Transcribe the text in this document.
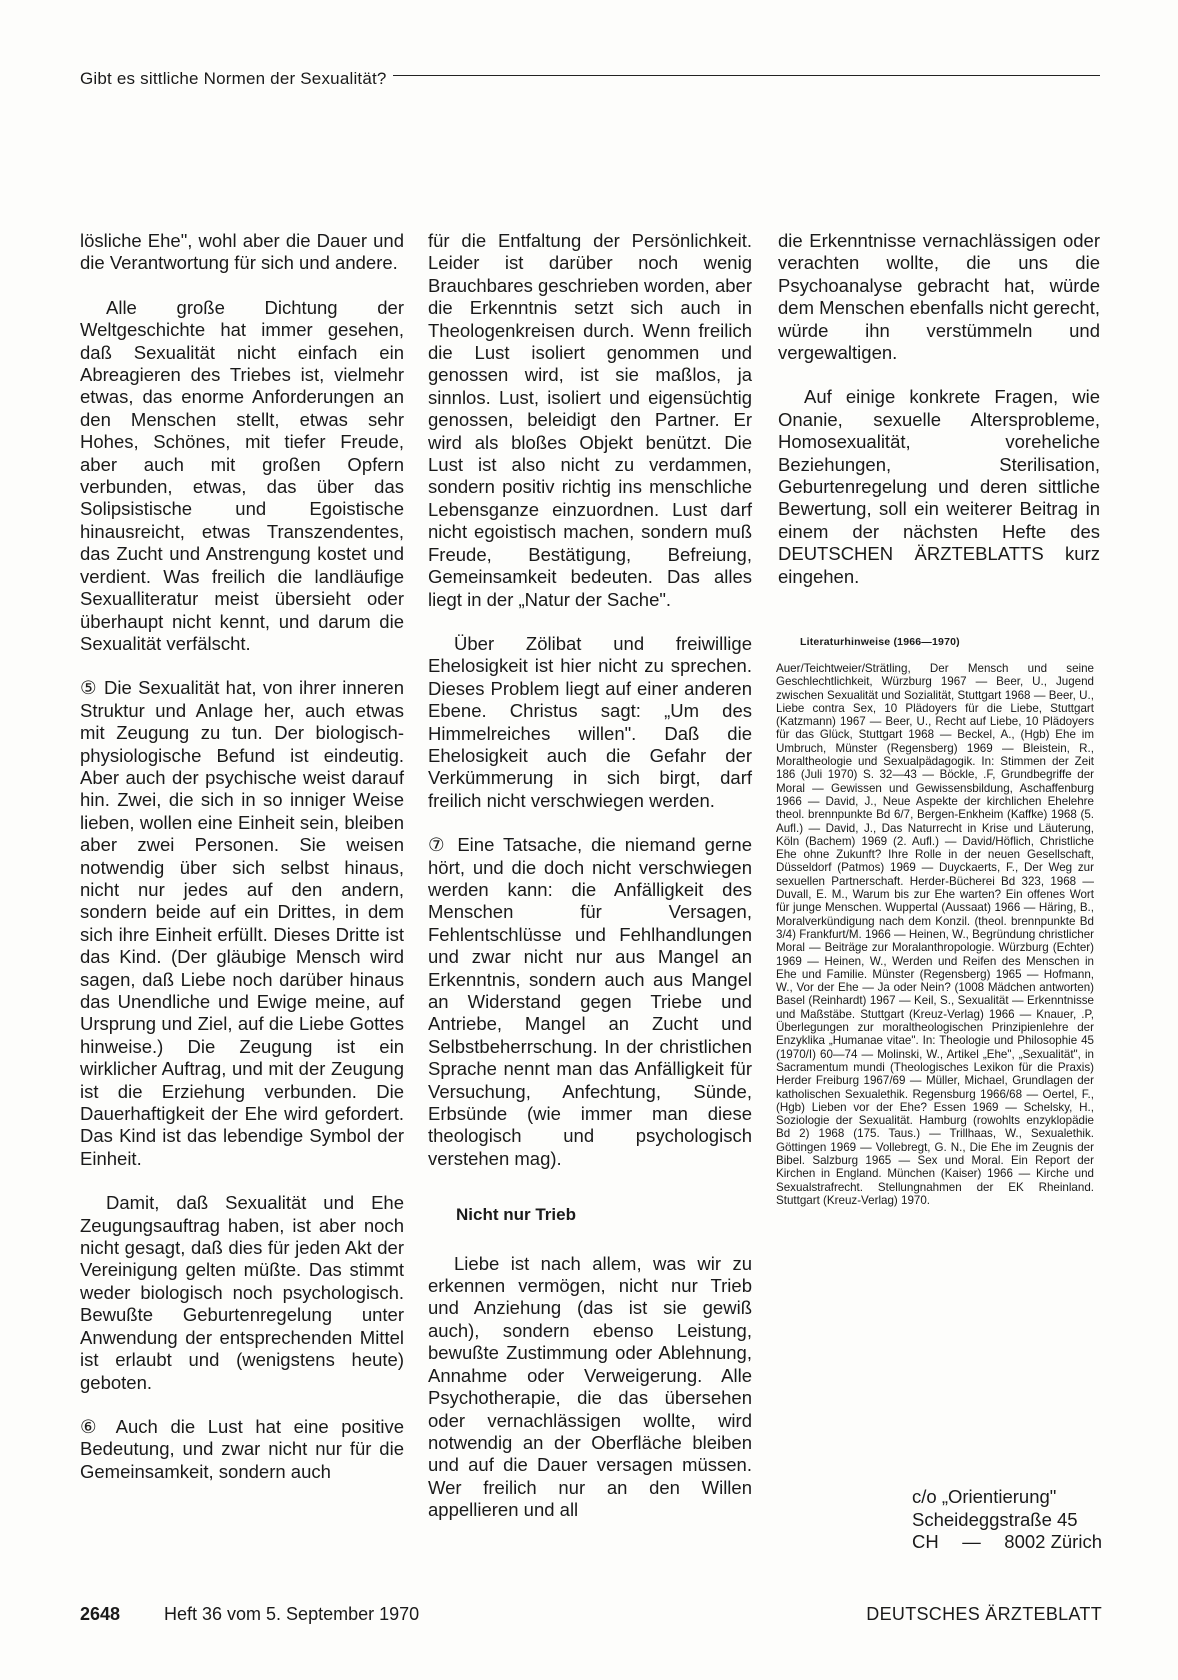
Gibt es sittliche Normen der Sexualität?

lösliche Ehe", wohl aber die Dauer und die Verantwortung für sich und andere.

Alle große Dichtung der Weltgeschichte hat immer gesehen, daß Sexualität nicht einfach ein Abreagieren des Triebes ist, vielmehr etwas, das enorme Anforderungen an den Menschen stellt, etwas sehr Hohes, Schönes, mit tiefer Freude, aber auch mit großen Opfern verbunden, etwas, das über das Solipsistische und Egoistische hinausreicht, etwas Transzendentes, das Zucht und Anstrengung kostet und verdient. Was freilich die landläufige Sexualliteratur meist übersieht oder überhaupt nicht kennt, und darum die Sexualität verfälscht.

⑤ Die Sexualität hat, von ihrer inneren Struktur und Anlage her, auch etwas mit Zeugung zu tun. Der biologisch-physiologische Befund ist eindeutig. Aber auch der psychische weist darauf hin. Zwei, die sich in so inniger Weise lieben, wollen eine Einheit sein, bleiben aber zwei Personen. Sie weisen notwendig über sich selbst hinaus, nicht nur jedes auf den andern, sondern beide auf ein Drittes, in dem sich ihre Einheit erfüllt. Dieses Dritte ist das Kind. (Der gläubige Mensch wird sagen, daß Liebe noch darüber hinaus das Unendliche und Ewige meine, auf Ursprung und Ziel, auf die Liebe Gottes hinweise.) Die Zeugung ist ein wirklicher Auftrag, und mit der Zeugung ist die Erziehung verbunden. Die Dauerhaftigkeit der Ehe wird gefordert. Das Kind ist das lebendige Symbol der Einheit.

Damit, daß Sexualität und Ehe Zeugungsauftrag haben, ist aber noch nicht gesagt, daß dies für jeden Akt der Vereinigung gelten müßte. Das stimmt weder biologisch noch psychologisch. Bewußte Geburtenregelung unter Anwendung der entsprechenden Mittel ist erlaubt und (wenigstens heute) geboten.

⑥ Auch die Lust hat eine positive Bedeutung, und zwar nicht nur für die Gemeinsamkeit, sondern auch

für die Entfaltung der Persönlichkeit. Leider ist darüber noch wenig Brauchbares geschrieben worden, aber die Erkenntnis setzt sich auch in Theologenkreisen durch. Wenn freilich die Lust isoliert genommen und genossen wird, ist sie maßlos, ja sinnlos. Lust, isoliert und eigensüchtig genossen, beleidigt den Partner. Er wird als bloßes Objekt benützt. Die Lust ist also nicht zu verdammen, sondern positiv richtig ins menschliche Lebensganze einzuordnen. Lust darf nicht egoistisch machen, sondern muß Freude, Bestätigung, Befreiung, Gemeinsamkeit bedeuten. Das alles liegt in der „Natur der Sache".

Über Zölibat und freiwillige Ehelosigkeit ist hier nicht zu sprechen. Dieses Problem liegt auf einer anderen Ebene. Christus sagt: „Um des Himmelreiches willen". Daß die Ehelosigkeit auch die Gefahr der Verkümmerung in sich birgt, darf freilich nicht verschwiegen werden.

⑦ Eine Tatsache, die niemand gerne hört, und die doch nicht verschwiegen werden kann: die Anfälligkeit des Menschen für Versagen, Fehlentschlüsse und Fehlhandlungen und zwar nicht nur aus Mangel an Erkenntnis, sondern auch aus Mangel an Widerstand gegen Triebe und Antriebe, Mangel an Zucht und Selbstbeherrschung. In der christlichen Sprache nennt man das Anfälligkeit für Versuchung, Anfechtung, Sünde, Erbsünde (wie immer man diese theologisch und psychologisch verstehen mag).

Nicht nur Trieb

Liebe ist nach allem, was wir zu erkennen vermögen, nicht nur Trieb und Anziehung (das ist sie gewiß auch), sondern ebenso Leistung, bewußte Zustimmung oder Ablehnung, Annahme oder Verweigerung. Alle Psychotherapie, die das übersehen oder vernachlässigen wollte, wird notwendig an der Oberfläche bleiben und auf die Dauer versagen müssen. Wer freilich nur an den Willen appellieren und all

die Erkenntnisse vernachlässigen oder verachten wollte, die uns die Psychoanalyse gebracht hat, würde dem Menschen ebenfalls nicht gerecht, würde ihn verstümmeln und vergewaltigen.

Auf einige konkrete Fragen, wie Onanie, sexuelle Altersprobleme, Homosexualität, voreheliche Beziehungen, Sterilisation, Geburtenregelung und deren sittliche Bewertung, soll ein weiterer Beitrag in einem der nächsten Hefte des DEUTSCHEN ÄRZTEBLATTS kurz eingehen.

Literaturhinweise (1966—1970)
Auer/Teichtweier/Strätling, Der Mensch und seine Geschlechtlichkeit, Würzburg 1967 — Beer, U., Jugend zwischen Sexualität und Sozialität, Stuttgart 1968 — Beer, U., Liebe contra Sex, 10 Plädoyers für die Liebe, Stuttgart (Katzmann) 1967 — Beer, U., Recht auf Liebe, 10 Plädoyers für das Glück, Stuttgart 1968 — Beckel, A., (Hgb) Ehe im Umbruch, Münster (Regensberg) 1969 — Bleistein, R., Moraltheologie und Sexualpädagogik. In: Stimmen der Zeit 186 (Juli 1970) S. 32—43 — Böckle, .F, Grundbegriffe der Moral — Gewissen und Gewissensbildung, Aschaffenburg 1966 — David, J., Neue Aspekte der kirchlichen Ehelehre theol. brennpunkte Bd 6/7, Bergen-Enkheim (Kaffke) 1968 (5. Aufl.) — David, J., Das Naturrecht in Krise und Läuterung, Köln (Bachem) 1969 (2. Aufl.) — David/Höflich, Christliche Ehe ohne Zukunft? Ihre Rolle in der neuen Gesellschaft, Düsseldorf (Patmos) 1969 — Duyckaerts, F., Der Weg zur sexuellen Partnerschaft. Herder-Bücherei Bd 323, 1968 — Duvall, E. M., Warum bis zur Ehe warten? Ein offenes Wort für junge Menschen. Wuppertal (Aussaat) 1966 — Häring, B., Moralverkündigung nach dem Konzil. (theol. brennpunkte Bd 3/4) Frankfurt/M. 1966 — Heinen, W., Begründung christlicher Moral — Beiträge zur Moralanthropologie. Würzburg (Echter) 1969 — Heinen, W., Werden und Reifen des Menschen in Ehe und Familie. Münster (Regensberg) 1965 — Hofmann, W., Vor der Ehe — Ja oder Nein? (1008 Mädchen antworten) Basel (Reinhardt) 1967 — Keil, S., Sexualität — Erkenntnisse und Maßstäbe. Stuttgart (Kreuz-Verlag) 1966 — Knauer, .P, Überlegungen zur moraltheologischen Prinzipienlehre der Enzyklika „Humanae vitae". In: Theologie und Philosophie 45 (1970/I) 60—74 — Molinski, W., Artikel „Ehe", „Sexualität", in Sacramentum mundi (Theologisches Lexikon für die Praxis) Herder Freiburg 1967/69 — Müller, Michael, Grundlagen der katholischen Sexualethik. Regensburg 1966/68 — Oertel, F., (Hgb) Lieben vor der Ehe? Essen 1969 — Schelsky, H., Soziologie der Sexualität. Hamburg (rowohlts enzyklopädie Bd 2) 1968 (175. Taus.) — Trillhaas, W., Sexualethik. Göttingen 1969 — Vollebregt, G. N., Die Ehe im Zeugnis der Bibel. Salzburg 1965 — Sex und Moral. Ein Report der Kirchen in England. München (Kaiser) 1966 — Kirche und Sexualstrafrecht. Stellungnahmen der EK Rheinland. Stuttgart (Kreuz-Verlag) 1970.
c/o „Orientierung"
Scheideggstraße 45
CH — 8002 Zürich
2648 Heft 36 vom 5. September 1970	DEUTSCHES ÄRZTEBLATT
